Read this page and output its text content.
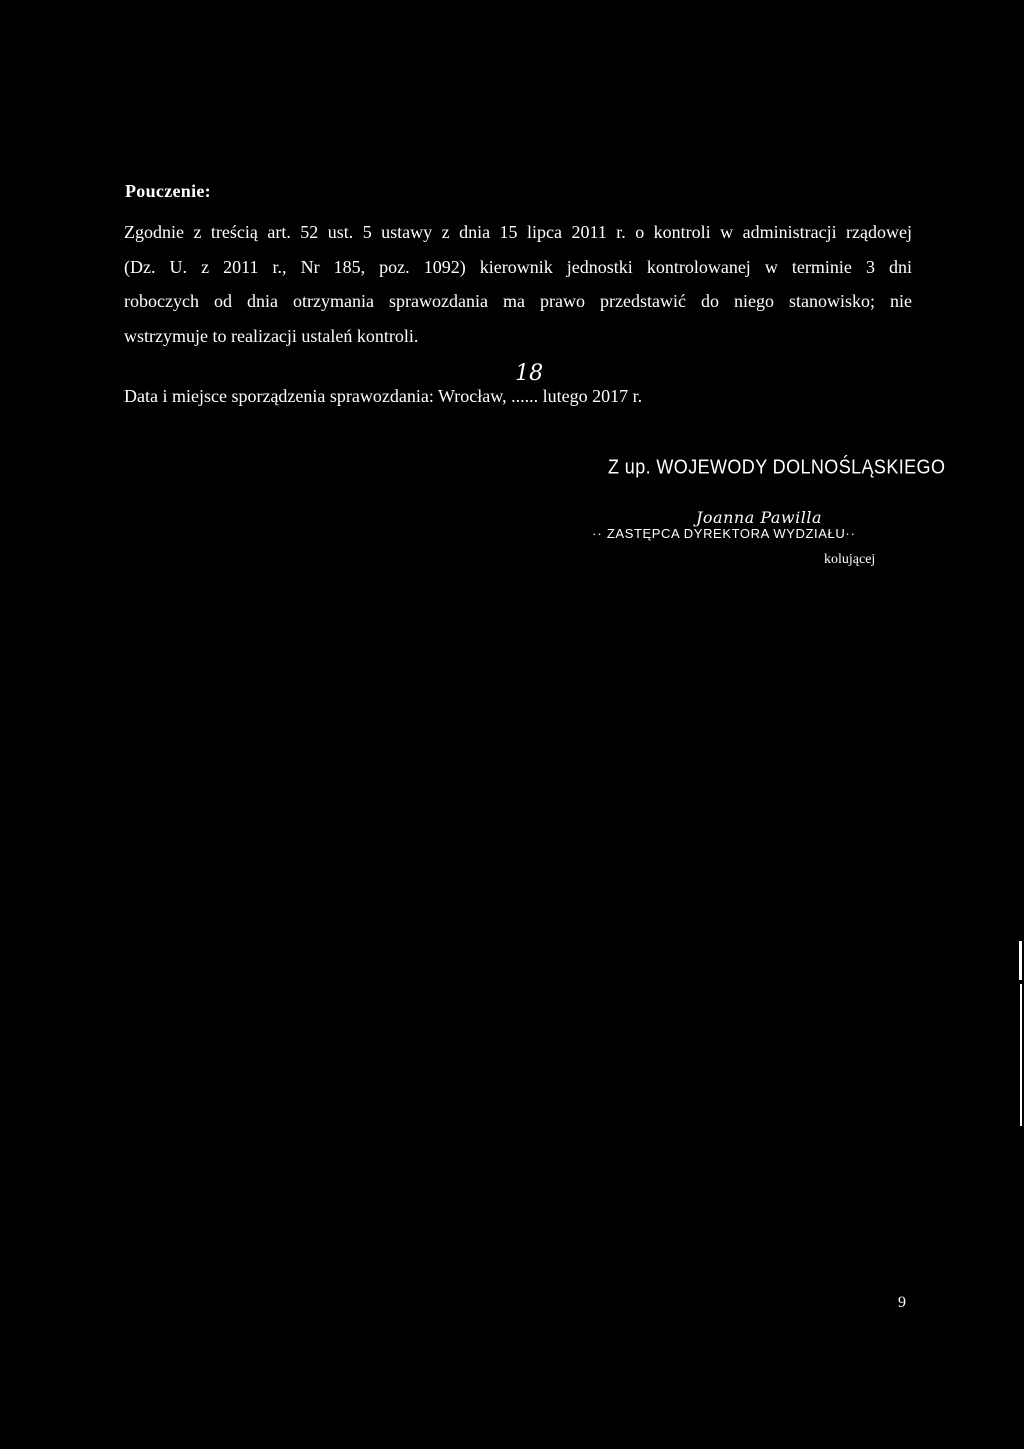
Pouczenie:
Zgodnie z treścią art. 52 ust. 5 ustawy z dnia 15 lipca 2011 r. o kontroli w administracji rządowej
(Dz. U. z 2011 r., Nr 185, poz. 1092) kierownik jednostki kontrolowanej w terminie 3 dni
roboczych od dnia otrzymania sprawozdania ma prawo przedstawić do niego stanowisko; nie
wstrzymuje to realizacji ustaleń kontroli.
Data i miejsce sporządzenia sprawozdania: Wrocław,
18
...... lutego 2017 r.
Z up. WOJEWODY DOLNOŚLĄSKIEGO
Joanna Pawilla
·· ZASTĘPCA DYREKTORA WYDZIAŁU··
kolującej
9
